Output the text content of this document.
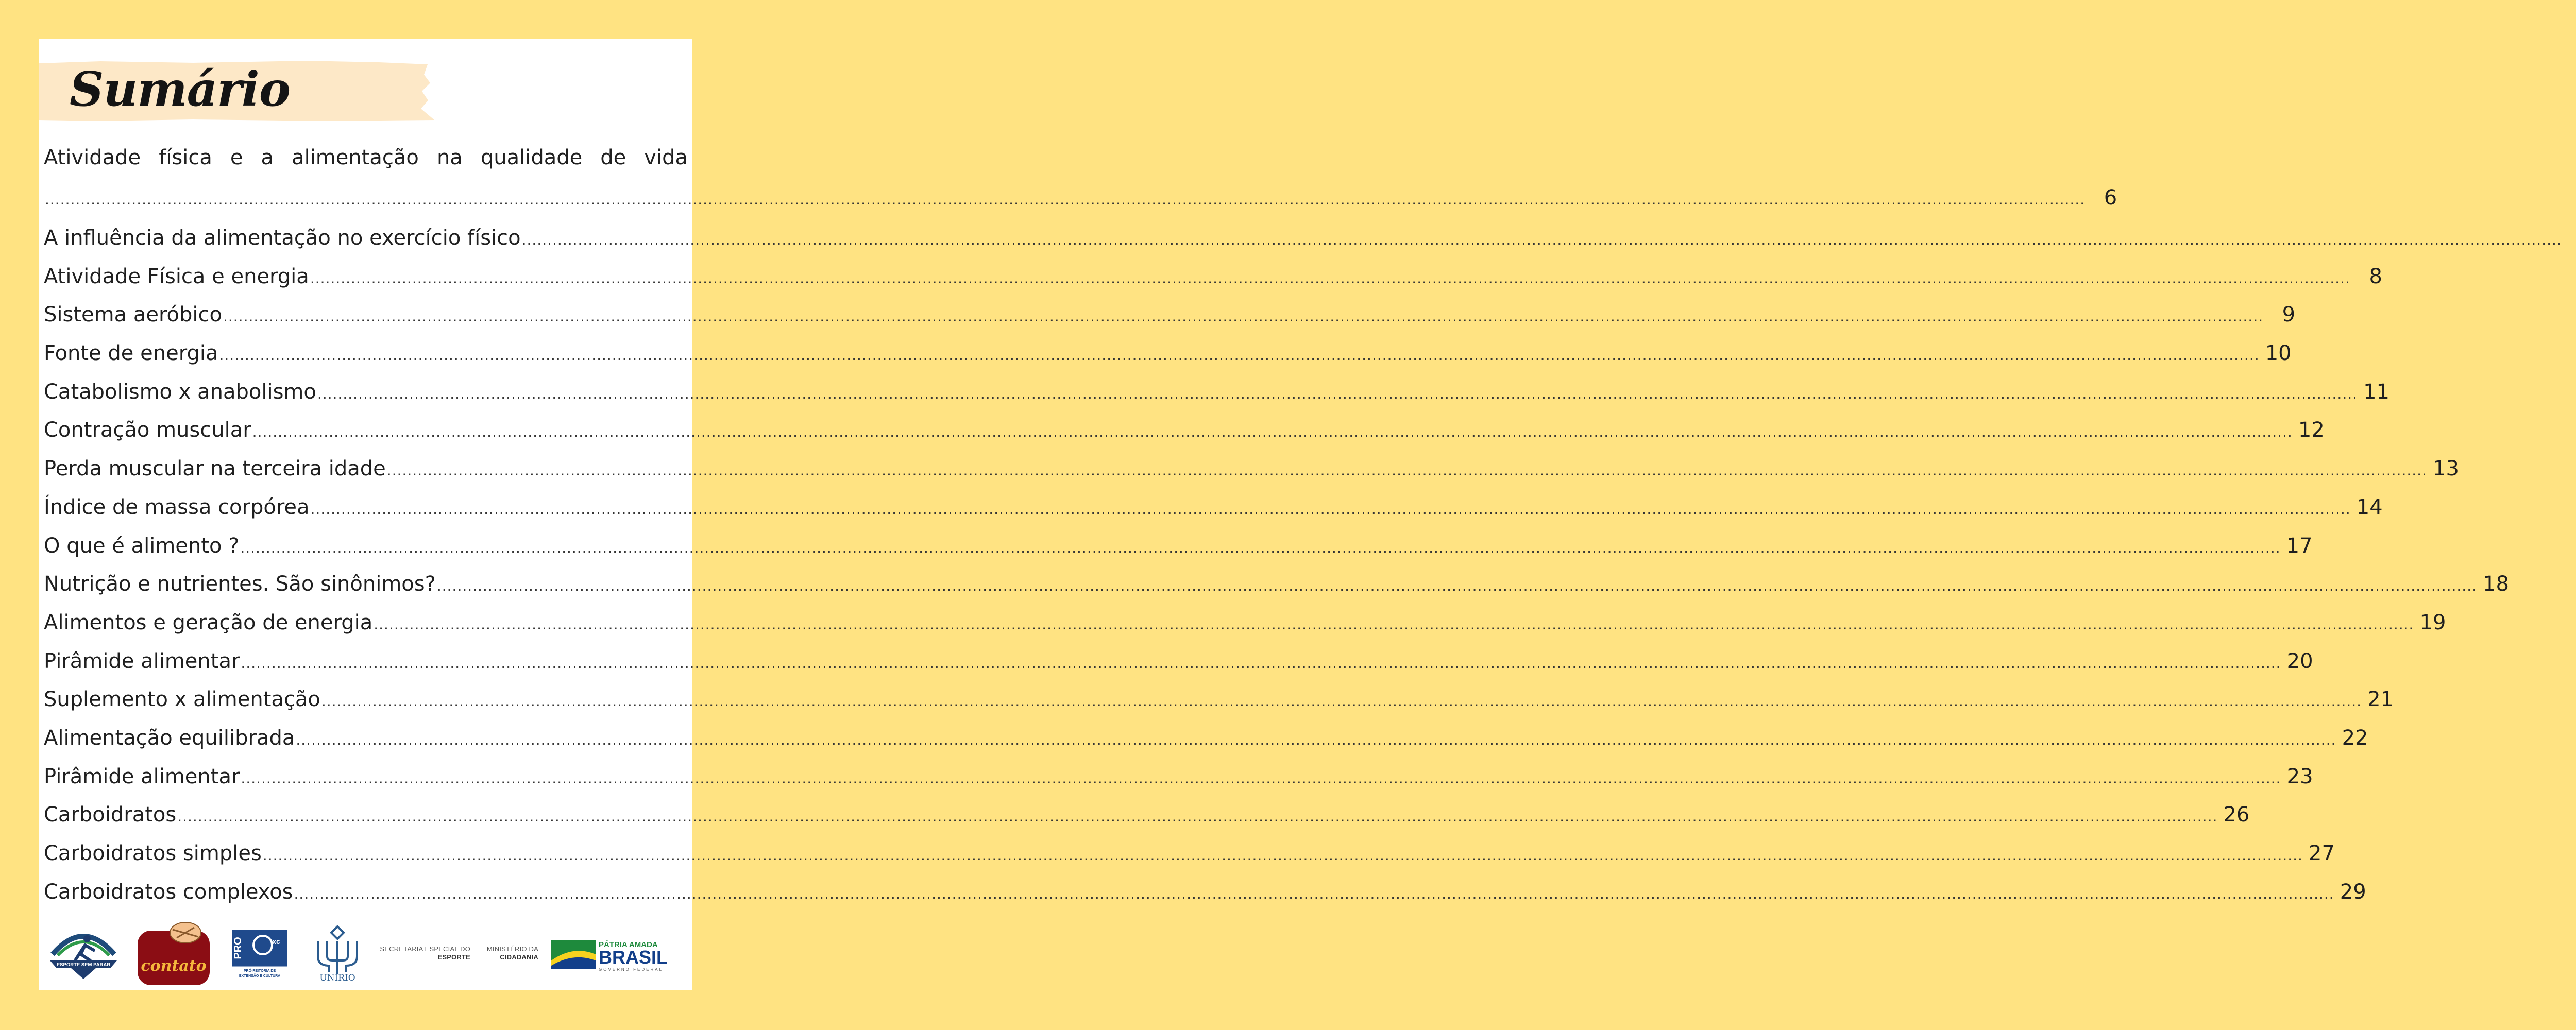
Sumário
Atividade física e a alimentação na qualidade de vida
................................................................................................................................................................................................................................................................................................................................................................................................................ 6
A influência da alimentação no exercício físico ................................................................................................................................................................................................................................................................................................................................................................................................................
Atividade Física e energia ................................................................................................................................................................................................................................................................................................................................................................................................................ 8
Sistema aeróbico ................................................................................................................................................................................................................................................................................................................................................................................................................ 9
Fonte de energia ................................................................................................................................................................................................................................................................................................................................................................................................................ 10
Catabolismo x anabolismo ................................................................................................................................................................................................................................................................................................................................................................................................................ 11
Contração muscular ................................................................................................................................................................................................................................................................................................................................................................................................................ 12
Perda muscular na terceira idade ................................................................................................................................................................................................................................................................................................................................................................................................................ 13
Índice de massa corpórea ................................................................................................................................................................................................................................................................................................................................................................................................................ 14
O que é alimento ? ................................................................................................................................................................................................................................................................................................................................................................................................................ 17
Nutrição e nutrientes. São sinônimos? ................................................................................................................................................................................................................................................................................................................................................................................................................ 18
Alimentos e geração de energia ................................................................................................................................................................................................................................................................................................................................................................................................................ 19
Pirâmide alimentar ................................................................................................................................................................................................................................................................................................................................................................................................................ 20
Suplemento x alimentação ................................................................................................................................................................................................................................................................................................................................................................................................................ 21
Alimentação equilibrada ................................................................................................................................................................................................................................................................................................................................................................................................................ 22
Pirâmide alimentar ................................................................................................................................................................................................................................................................................................................................................................................................................ 23
Carboidratos ................................................................................................................................................................................................................................................................................................................................................................................................................ 26
Carboidratos simples ................................................................................................................................................................................................................................................................................................................................................................................................................ 27
Carboidratos complexos ................................................................................................................................................................................................................................................................................................................................................................................................................ 29
ESPORTE SEM PARAR contato
PRO	xc
PRÓ-REITORIA DE
EXTENSÃO E CULTURA	UNIRIO
SECRETARIA ESPECIAL DO
ESPORTE
MINISTÉRIO DA
CIDADANIA
PÁTRIA AMADA
BRASIL
GOVERNO FEDERAL
